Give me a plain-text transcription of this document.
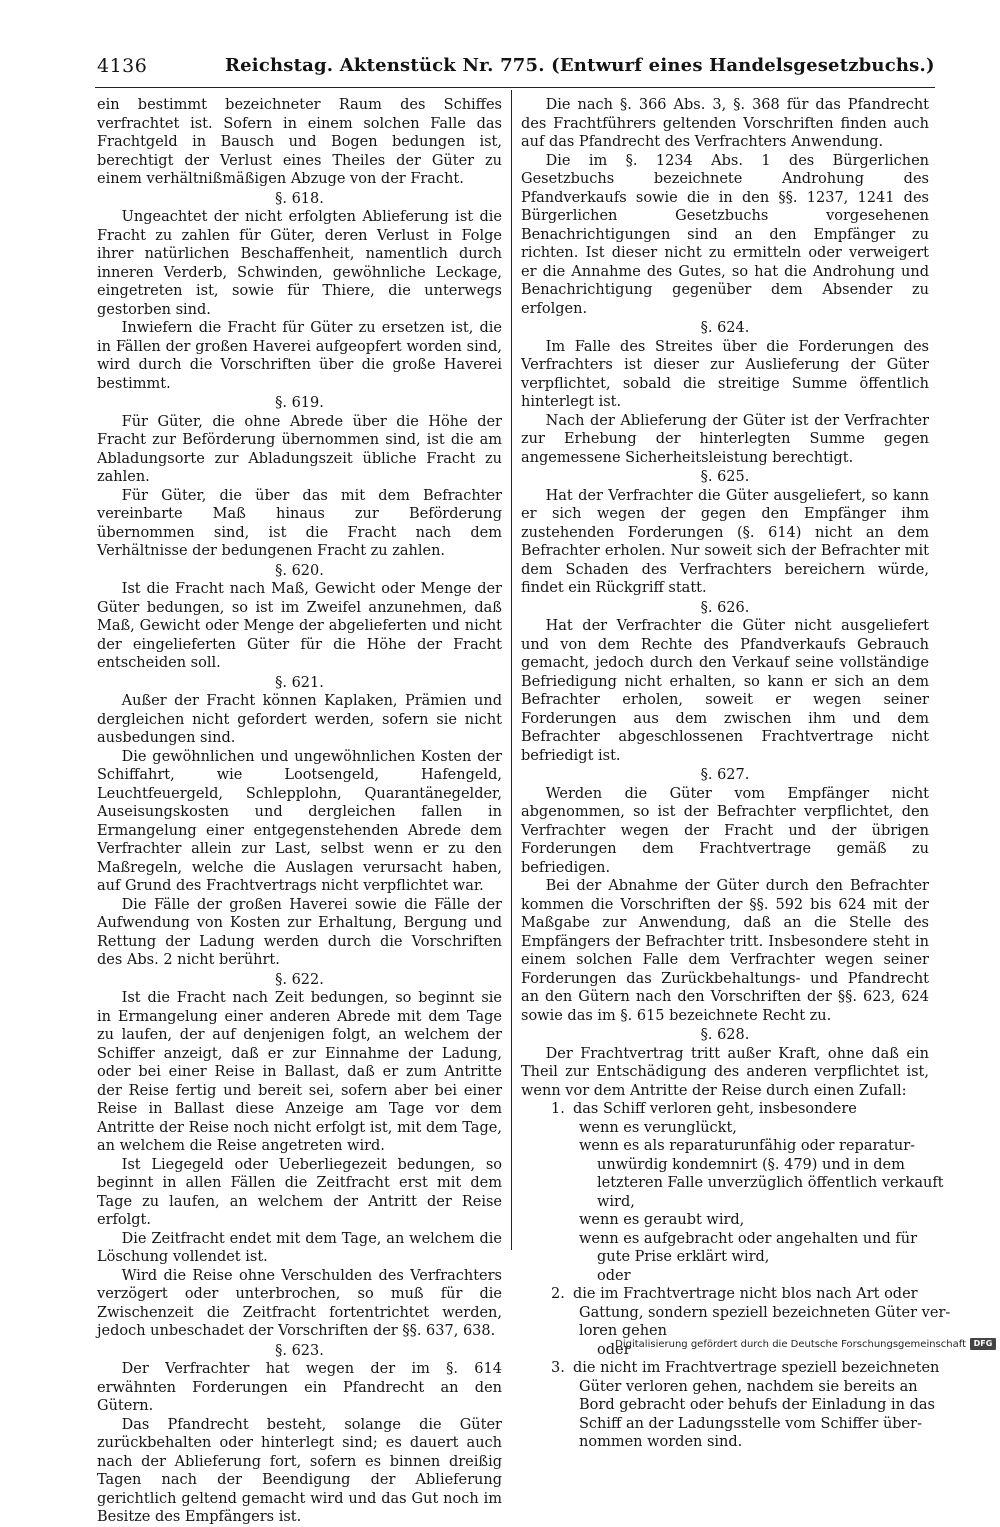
4136	Reichstag. Aktenstück Nr. 775. (Entwurf eines Handelsgesetzbuchs.)

ein bestimmt bezeichneter Raum des Schiffes verfrachtet ist. Sofern in einem solchen Falle das Frachtgeld in Bausch und Bogen bedungen ist, berechtigt der Verlust eines Theiles der Güter zu einem verhältnißmäßigen Abzuge von der Fracht.

§. 618.

Ungeachtet der nicht erfolgten Ablieferung ist die Fracht zu zahlen für Güter, deren Verlust in Folge ihrer natürlichen Beschaffenheit, namentlich durch inneren Verderb, Schwinden, gewöhnliche Leckage, eingetreten ist, sowie für Thiere, die unterwegs gestorben sind.

Inwiefern die Fracht für Güter zu ersetzen ist, die in Fällen der großen Haverei aufgeopfert worden sind, wird durch die Vorschriften über die große Haverei bestimmt.

§. 619.

Für Güter, die ohne Abrede über die Höhe der Fracht zur Beförderung übernommen sind, ist die am Abladungsorte zur Abladungszeit übliche Fracht zu zahlen.

Für Güter, die über das mit dem Befrachter vereinbarte Maß hinaus zur Beförderung übernommen sind, ist die Fracht nach dem Verhältnisse der bedungenen Fracht zu zahlen.

§. 620.

Ist die Fracht nach Maß, Gewicht oder Menge der Güter bedungen, so ist im Zweifel anzunehmen, daß Maß, Gewicht oder Menge der abgelieferten und nicht der eingelieferten Güter für die Höhe der Fracht entscheiden soll.

§. 621.

Außer der Fracht können Kaplaken, Prämien und dergleichen nicht gefordert werden, sofern sie nicht ausbedungen sind.

Die gewöhnlichen und ungewöhnlichen Kosten der Schiffahrt, wie Lootsengeld, Hafengeld, Leuchtfeuergeld, Schlepplohn, Quarantänegelder, Auseisungskosten und dergleichen fallen in Ermangelung einer entgegenstehenden Abrede dem Verfrachter allein zur Last, selbst wenn er zu den Maßregeln, welche die Auslagen verursacht haben, auf Grund des Frachtvertrags nicht verpflichtet war.

Die Fälle der großen Haverei sowie die Fälle der Aufwendung von Kosten zur Erhaltung, Bergung und Rettung der Ladung werden durch die Vorschriften des Abs. 2 nicht berührt.

§. 622.

Ist die Fracht nach Zeit bedungen, so beginnt sie in Ermangelung einer anderen Abrede mit dem Tage zu laufen, der auf denjenigen folgt, an welchem der Schiffer anzeigt, daß er zur Einnahme der Ladung, oder bei einer Reise in Ballast, daß er zum Antritte der Reise fertig und bereit sei, sofern aber bei einer Reise in Ballast diese Anzeige am Tage vor dem Antritte der Reise noch nicht erfolgt ist, mit dem Tage, an welchem die Reise angetreten wird.

Ist Liegegeld oder Ueberliegezeit bedungen, so beginnt in allen Fällen die Zeitfracht erst mit dem Tage zu laufen, an welchem der Antritt der Reise erfolgt.

Die Zeitfracht endet mit dem Tage, an welchem die Löschung vollendet ist.

Wird die Reise ohne Verschulden des Verfrachters verzögert oder unterbrochen, so muß für die Zwischenzeit die Zeitfracht fortentrichtet werden, jedoch unbeschadet der Vorschriften der §§. 637, 638.

§. 623.

Der Verfrachter hat wegen der im §. 614 erwähnten Forderungen ein Pfandrecht an den Gütern.

Das Pfandrecht besteht, solange die Güter zurückbehalten oder hinterlegt sind; es dauert auch nach der Ablieferung fort, sofern es binnen dreißig Tagen nach der Beendigung der Ablieferung gerichtlich geltend gemacht wird und das Gut noch im Besitze des Empfängers ist.

Die nach §. 366 Abs. 3, §. 368 für das Pfandrecht des Frachtführers geltenden Vorschriften finden auch auf das Pfandrecht des Verfrachters Anwendung.

Die im §. 1234 Abs. 1 des Bürgerlichen Gesetzbuchs bezeichnete Androhung des Pfandverkaufs sowie die in den §§. 1237, 1241 des Bürgerlichen Gesetzbuchs vorgesehenen Benachrichtigungen sind an den Empfänger zu richten. Ist dieser nicht zu ermitteln oder verweigert er die Annahme des Gutes, so hat die Androhung und Benachrichtigung gegenüber dem Absender zu erfolgen.

§. 624.

Im Falle des Streites über die Forderungen des Verfrachters ist dieser zur Auslieferung der Güter verpflichtet, sobald die streitige Summe öffentlich hinterlegt ist.

Nach der Ablieferung der Güter ist der Verfrachter zur Erhebung der hinterlegten Summe gegen angemessene Sicherheitsleistung berechtigt.

§. 625.

Hat der Verfrachter die Güter ausgeliefert, so kann er sich wegen der gegen den Empfänger ihm zustehenden Forderungen (§. 614) nicht an dem Befrachter erholen. Nur soweit sich der Befrachter mit dem Schaden des Verfrachters bereichern würde, findet ein Rückgriff statt.

§. 626.

Hat der Verfrachter die Güter nicht ausgeliefert und von dem Rechte des Pfandverkaufs Gebrauch gemacht, jedoch durch den Verkauf seine vollständige Befriedigung nicht erhalten, so kann er sich an dem Befrachter erholen, soweit er wegen seiner Forderungen aus dem zwischen ihm und dem Befrachter abgeschlossenen Frachtvertrage nicht befriedigt ist.

§. 627.

Werden die Güter vom Empfänger nicht abgenommen, so ist der Befrachter verpflichtet, den Verfrachter wegen der Fracht und der übrigen Forderungen dem Frachtvertrage gemäß zu befriedigen.

Bei der Abnahme der Güter durch den Befrachter kommen die Vorschriften der §§. 592 bis 624 mit der Maßgabe zur Anwendung, daß an die Stelle des Empfängers der Befrachter tritt. Insbesondere steht in einem solchen Falle dem Verfrachter wegen seiner Forderungen das Zurückbehaltungs- und Pfandrecht an den Gütern nach den Vorschriften der §§. 623, 624 sowie das im §. 615 bezeichnete Recht zu.

§. 628.

Der Frachtvertrag tritt außer Kraft, ohne daß ein Theil zur Entschädigung des anderen verpflichtet ist, wenn vor dem Antritte der Reise durch einen Zufall:

1. das Schiff verloren geht, insbesondere
wenn es verunglückt,
wenn es als reparaturunfähig oder reparatur-
unwürdig kondemnirt (§. 479) und in dem
letzteren Falle unverzüglich öffentlich verkauft
wird,
wenn es geraubt wird,
wenn es aufgebracht oder angehalten und für
gute Prise erklärt wird,
oder
2. die im Frachtvertrage nicht blos nach Art oder
Gattung, sondern speziell bezeichneten Güter ver-
loren gehen
oder
3. die nicht im Frachtvertrage speziell bezeichneten
Güter verloren gehen, nachdem sie bereits an
Bord gebracht oder behufs der Einladung in das
Schiff an der Ladungsstelle vom Schiffer über-
nommen worden sind.
Digitalisierung gefördert durch die Deutsche Forschungsgemeinschaft DFG
